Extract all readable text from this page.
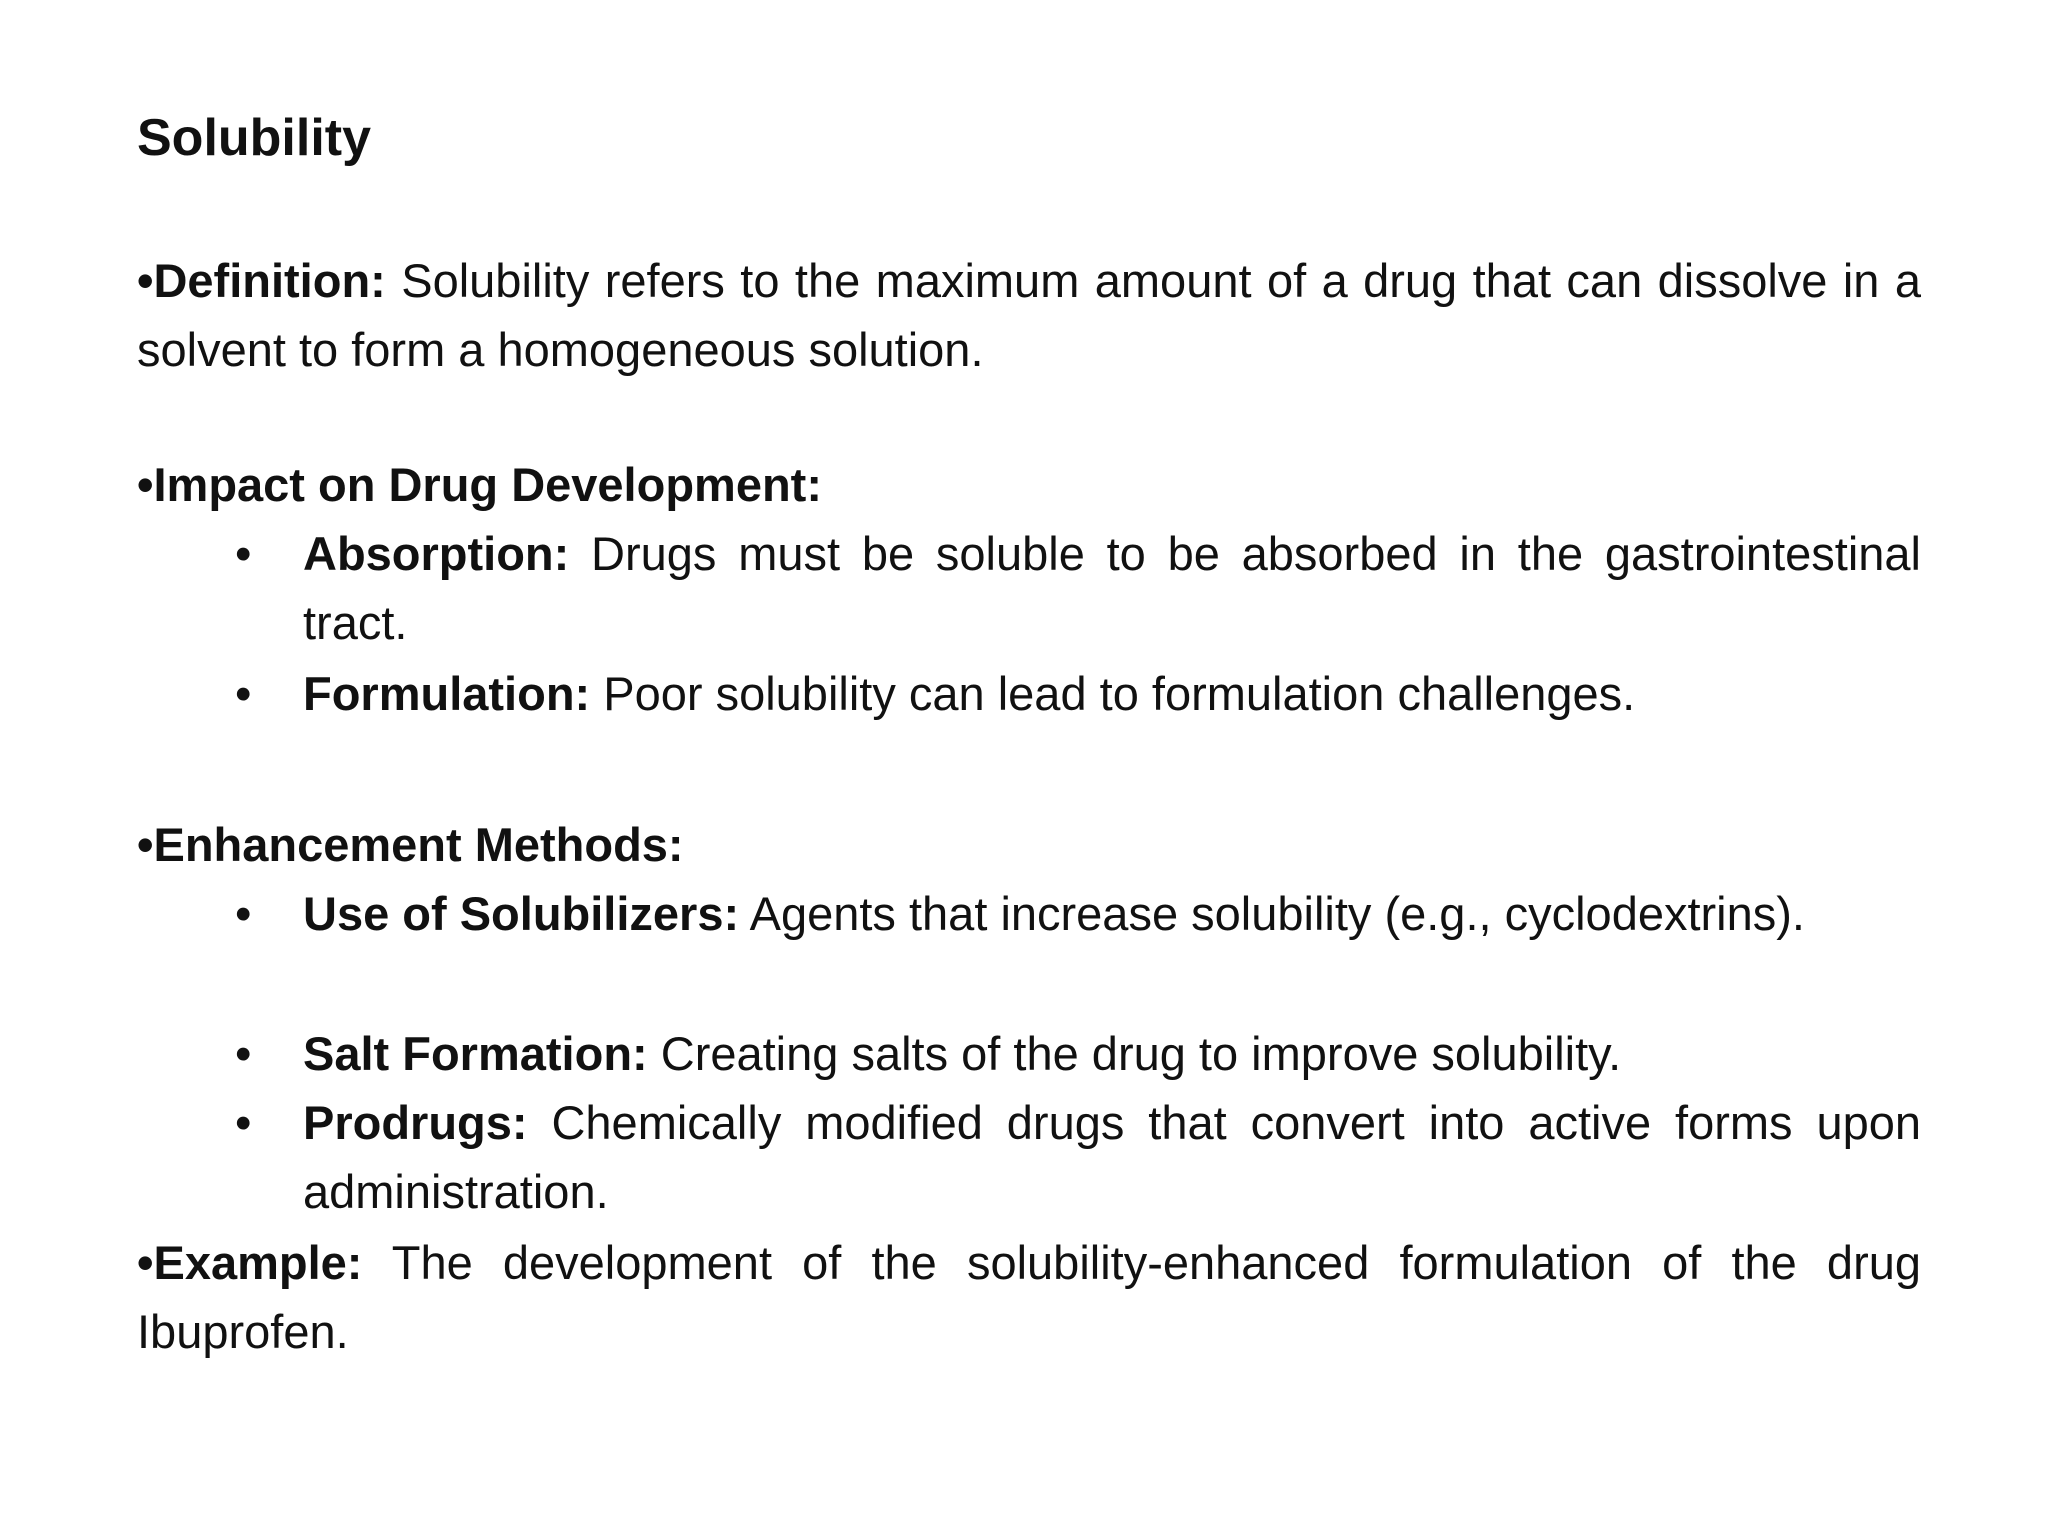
Solubility

•Definition: Solubility refers to the maximum amount of a drug that can dissolve in a solvent to form a homogeneous solution.

•Impact on Drug Development:

• Absorption: Drugs must be soluble to be absorbed in the gastrointestinal tract.

• Formulation: Poor solubility can lead to formulation challenges.

•Enhancement Methods:

• Use of Solubilizers: Agents that increase solubility (e.g., cyclodextrins).

• Salt Formation: Creating salts of the drug to improve solubility.

• Prodrugs: Chemically modified drugs that convert into active forms upon administration.

•Example: The development of the solubility-enhanced formulation of the drug Ibuprofen.
